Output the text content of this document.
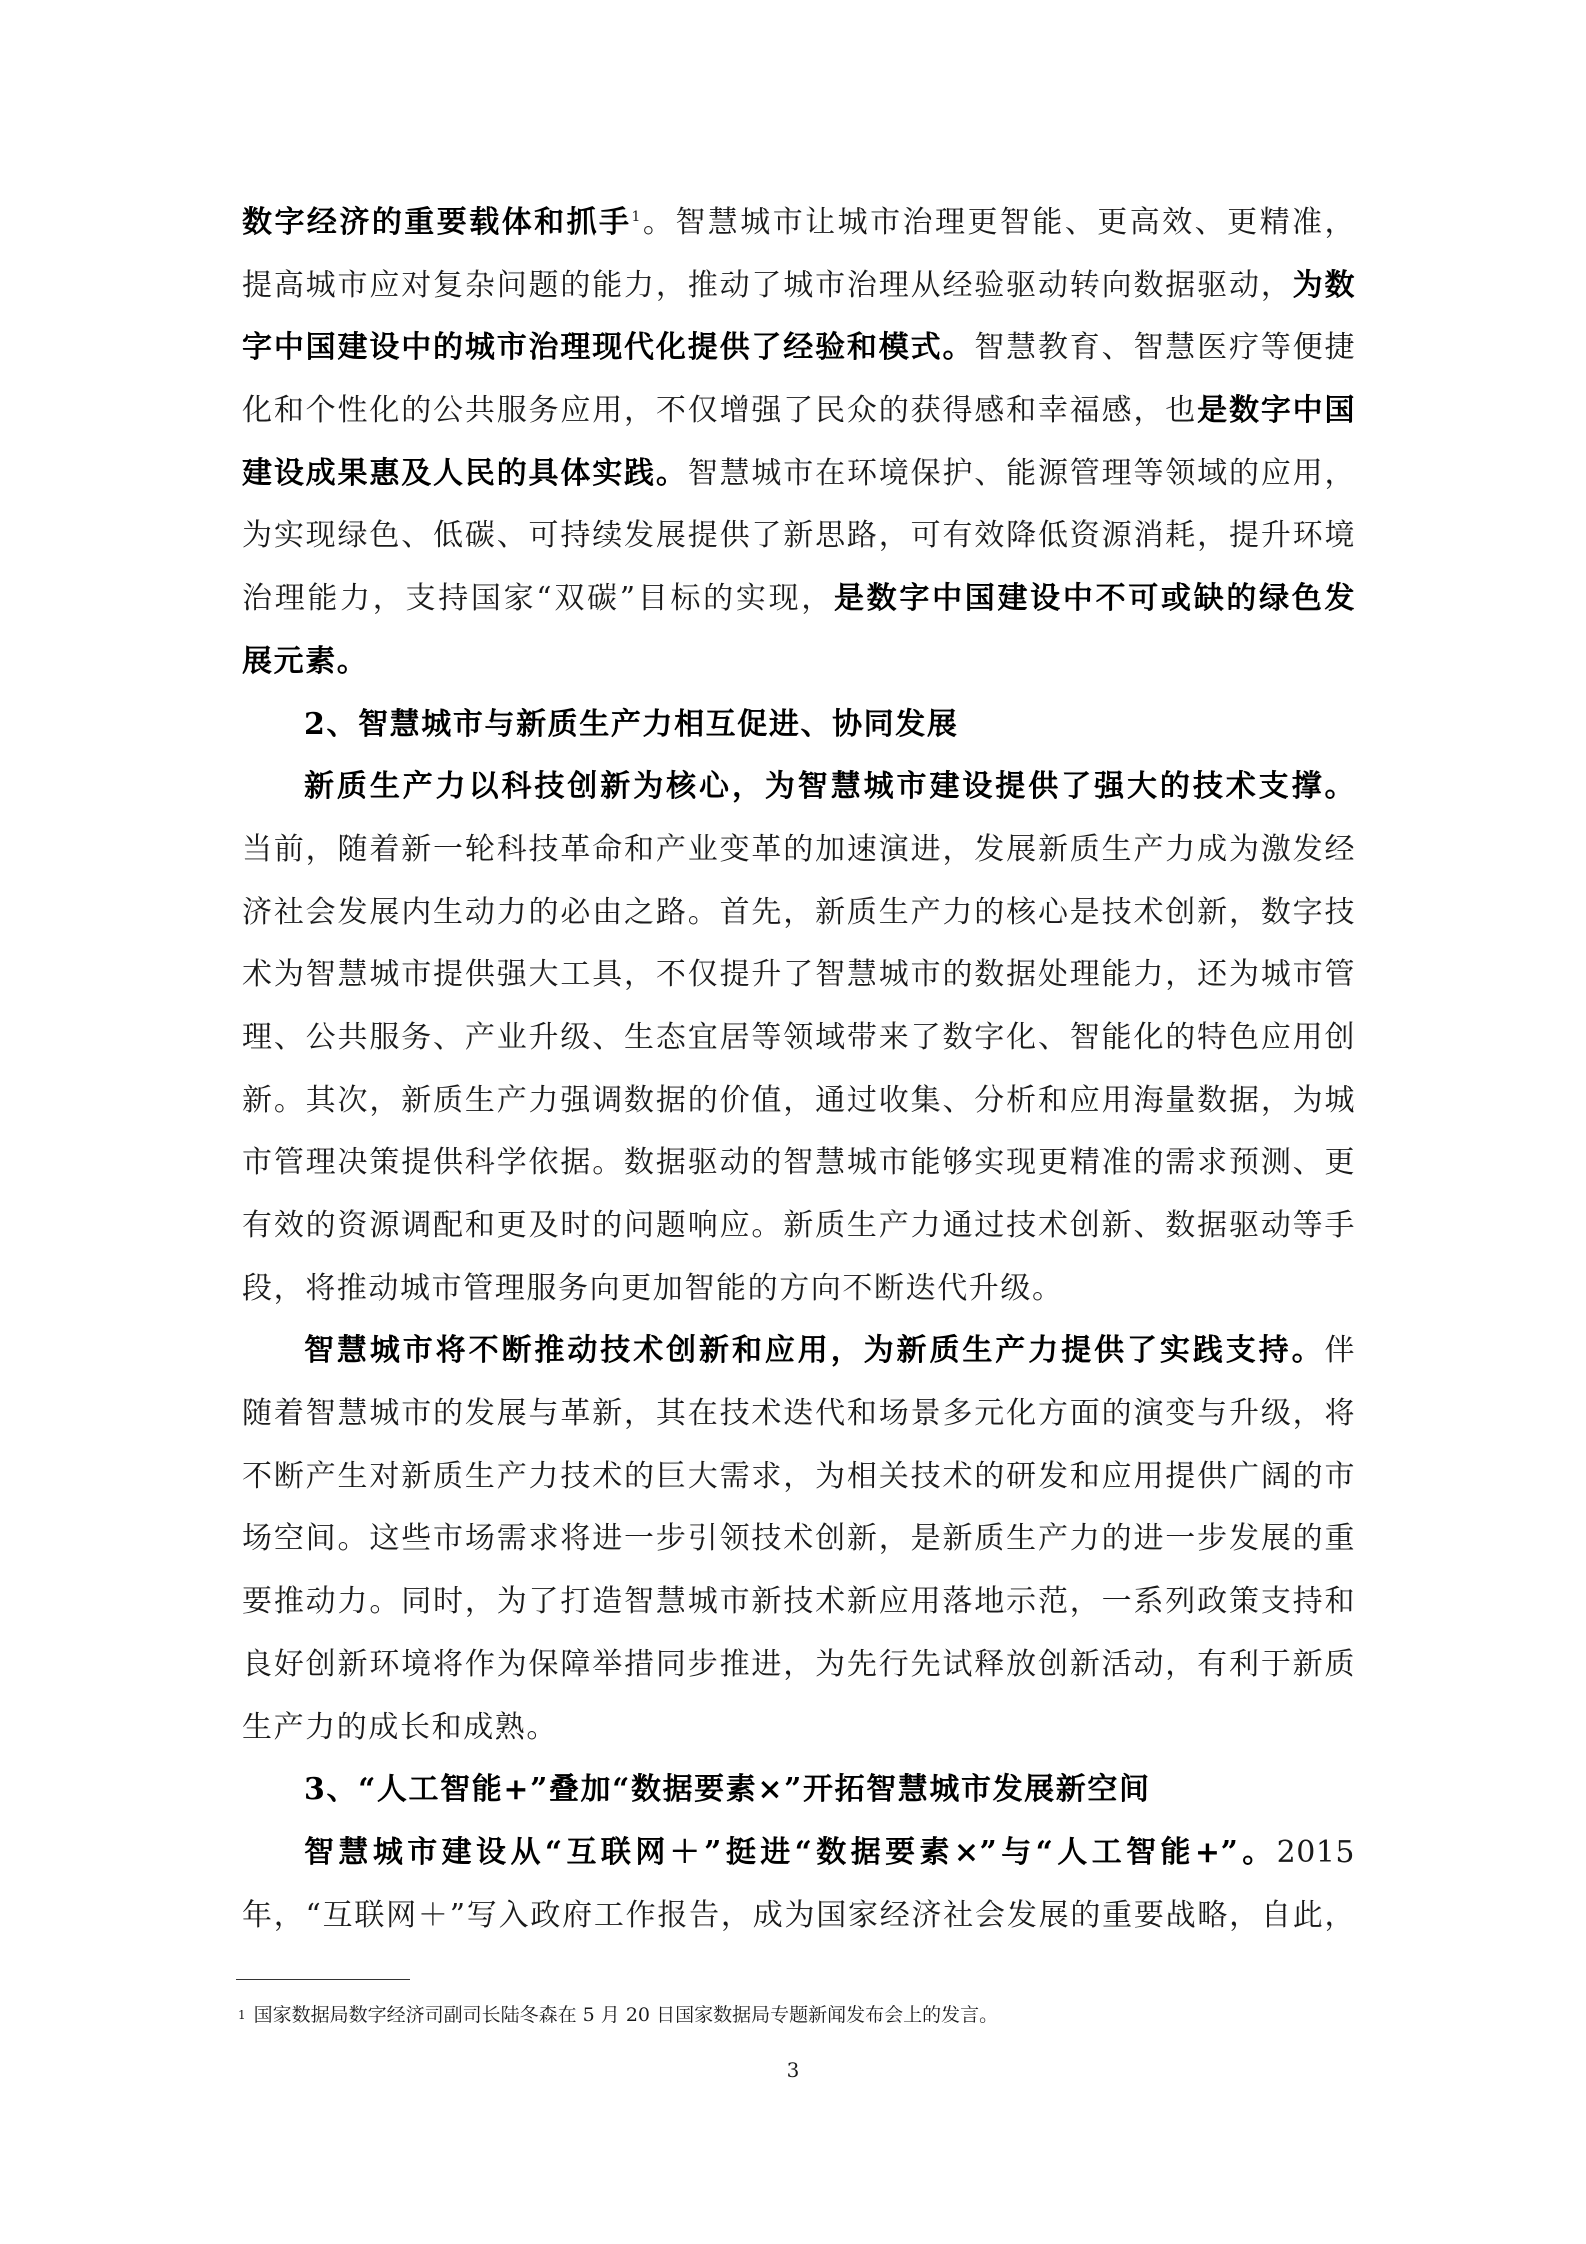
数字经济的重要载体和抓手$^1$。智慧城市让城市治理更智能、更高效、更精准，
提高城市应对复杂问题的能力，推动了城市治理从经验驱动转向数据驱动，为数
字中国建设中的城市治理现代化提供了经验和模式。智慧教育、智慧医疗等便捷
化和个性化的公共服务应用，不仅增强了民众的获得感和幸福感，也是数字中国
建设成果惠及人民的具体实践。智慧城市在环境保护、能源管理等领域的应用，
为实现绿色、低碳、可持续发展提供了新思路，可有效降低资源消耗，提升环境
治理能力，支持国家“双碳”目标的实现，是数字中国建设中不可或缺的绿色发
展元素。
2、智慧城市与新质生产力相互促进、协同发展
新质生产力以科技创新为核心，为智慧城市建设提供了强大的技术支撑。
当前，随着新一轮科技革命和产业变革的加速演进，发展新质生产力成为激发经
济社会发展内生动力的必由之路。首先，新质生产力的核心是技术创新，数字技
术为智慧城市提供强大工具，不仅提升了智慧城市的数据处理能力，还为城市管
理、公共服务、产业升级、生态宜居等领域带来了数字化、智能化的特色应用创
新。其次，新质生产力强调数据的价值，通过收集、分析和应用海量数据，为城
市管理决策提供科学依据。数据驱动的智慧城市能够实现更精准的需求预测、更
有效的资源调配和更及时的问题响应。新质生产力通过技术创新、数据驱动等手
段，将推动城市管理服务向更加智能的方向不断迭代升级。
智慧城市将不断推动技术创新和应用，为新质生产力提供了实践支持。伴
随着智慧城市的发展与革新，其在技术迭代和场景多元化方面的演变与升级，将
不断产生对新质生产力技术的巨大需求，为相关技术的研发和应用提供广阔的市
场空间。这些市场需求将进一步引领技术创新，是新质生产力的进一步发展的重
要推动力。同时，为了打造智慧城市新技术新应用落地示范，一系列政策支持和
良好创新环境将作为保障举措同步推进，为先行先试释放创新活动，有利于新质
生产力的成长和成熟。
3、“人工智能+”叠加“数据要素×”开拓智慧城市发展新空间
智慧城市建设从“互联网＋”挺进“数据要素×”与“人工智能+”。2015
年，“互联网＋”写入政府工作报告，成为国家经济社会发展的重要战略，自此，
$^1$ 国家数据局数字经济司副司长陆冬森在 5 月 20 日国家数据局专题新闻发布会上的发言。
3
